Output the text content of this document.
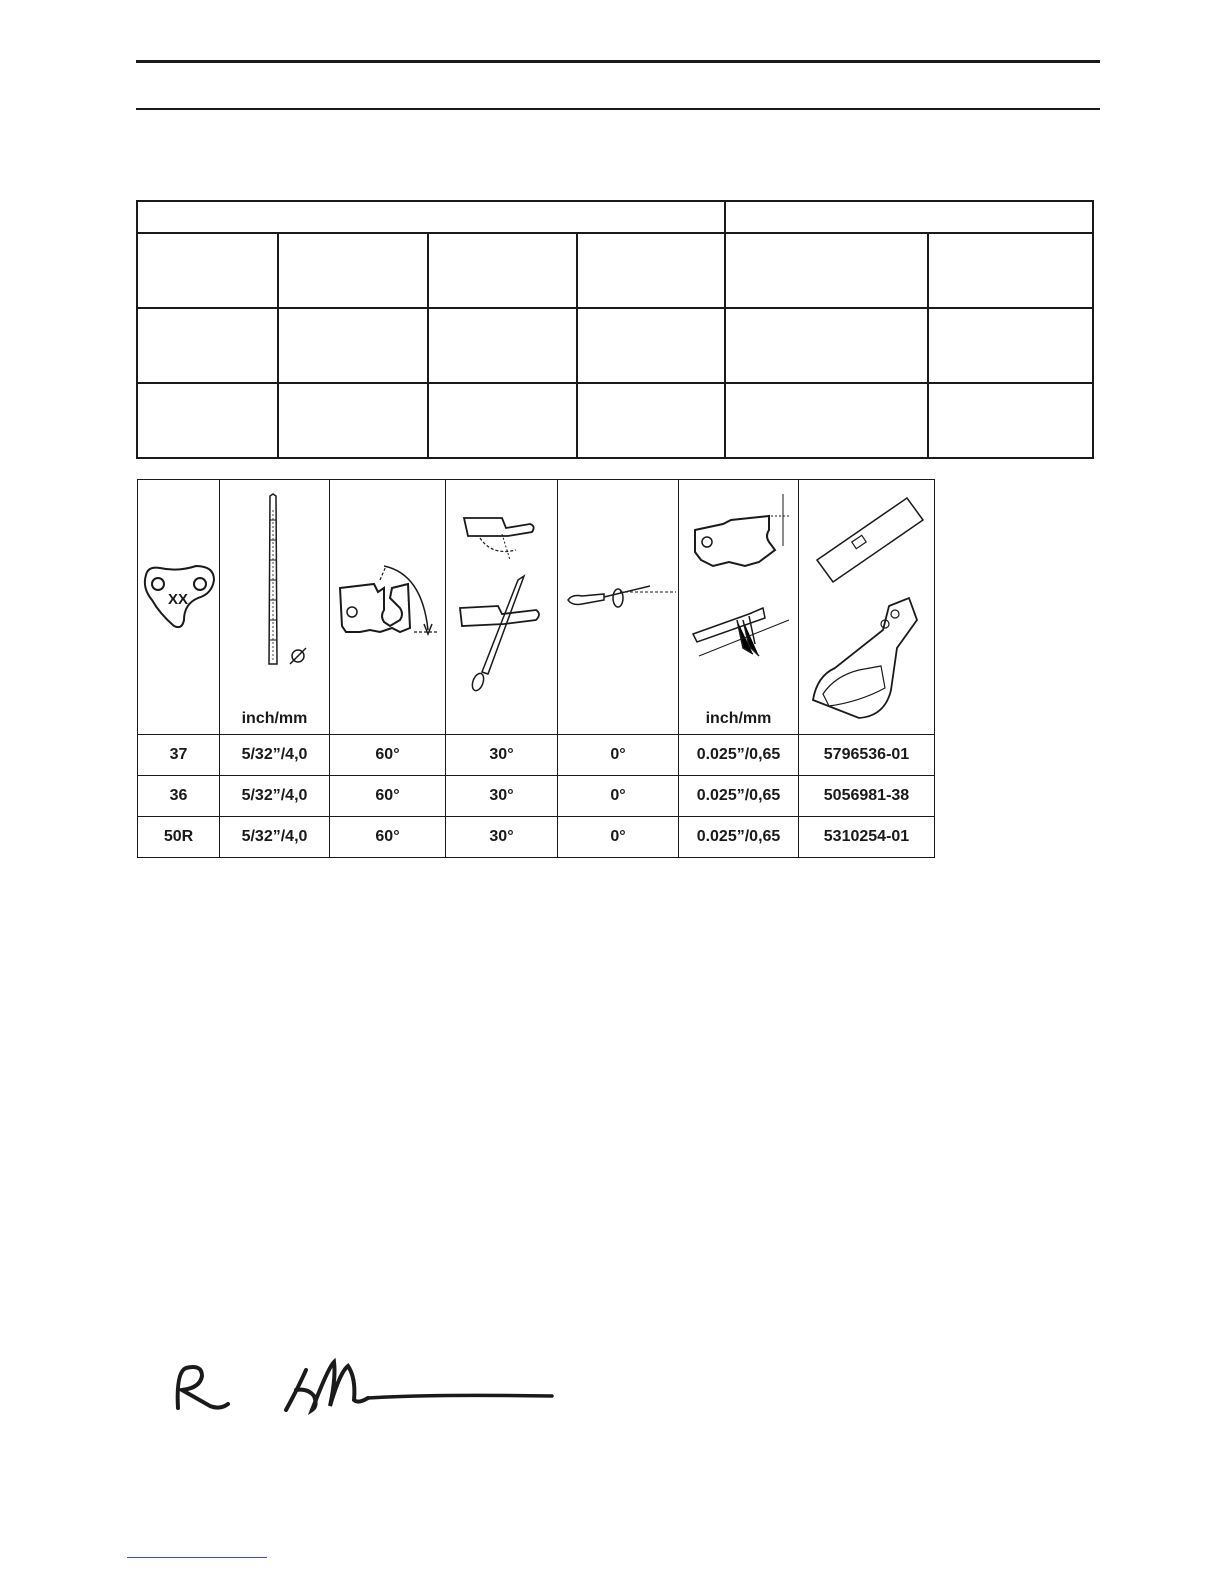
XX	inch/mm				inch/mm

37	5/32”/4,0	60°	30°	0°	0.025”/0,65	5796536-01
36	5/32”/4,0	60°	30°	0°	0.025”/0,65	5056981-38
50R	5/32”/4,0	60°	30°	0°	0.025”/0,65	5310254-01
